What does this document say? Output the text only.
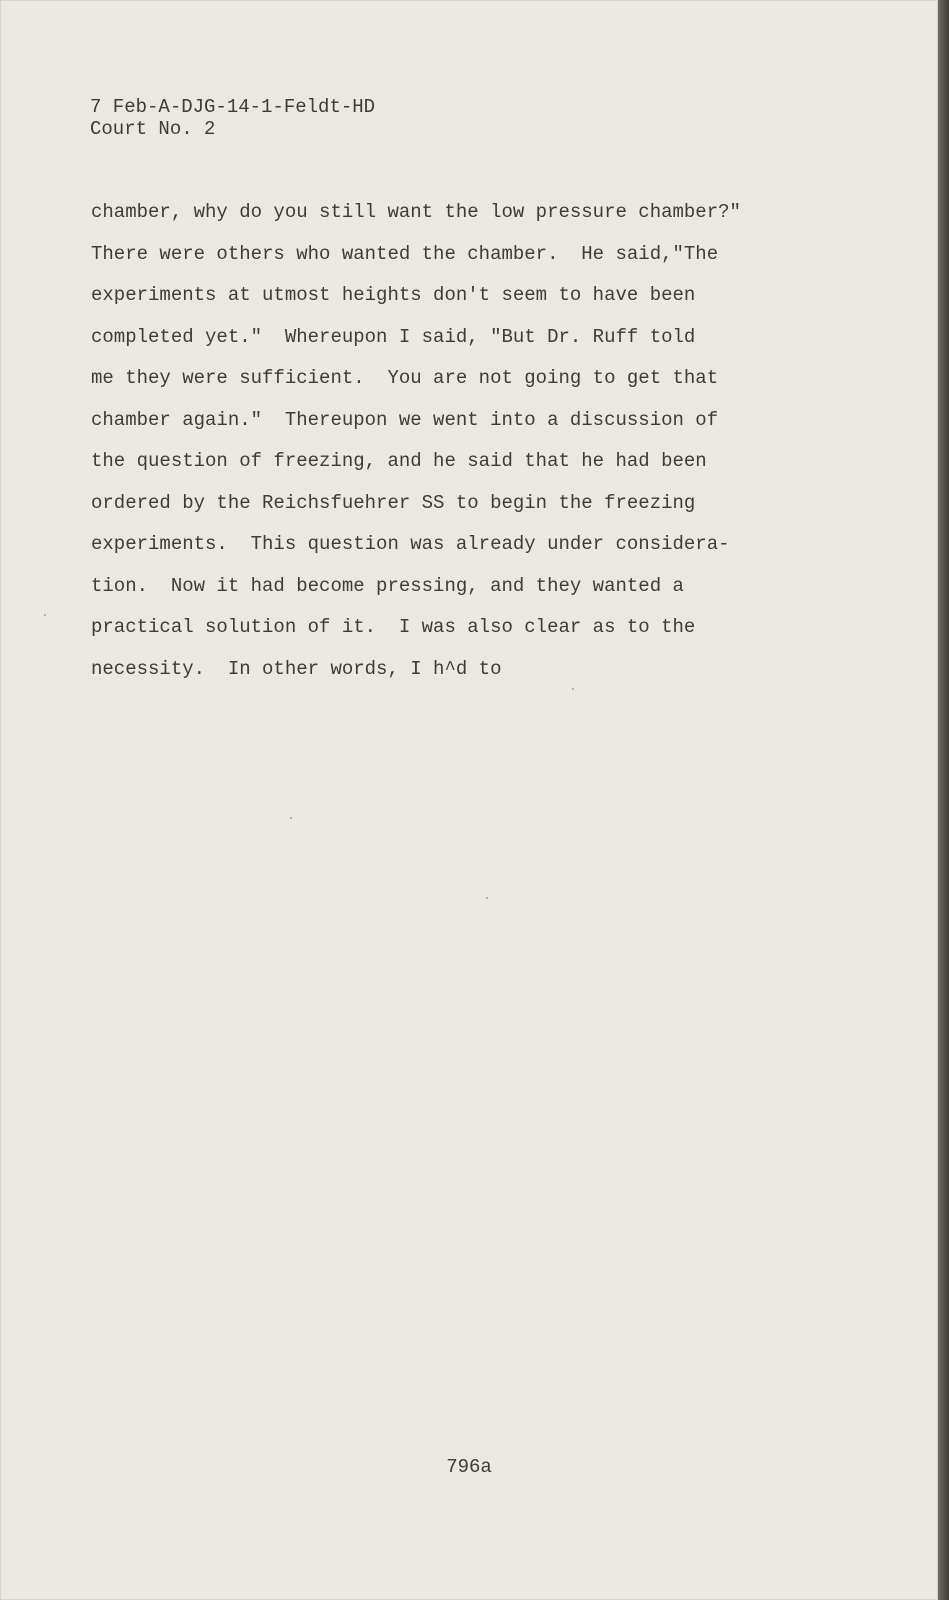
7 Feb-A-DJG-14-1-Feldt-HD
Court No. 2
chamber, why do you still want the low pressure chamber?"
There were others who wanted the chamber.  He said,"The
experiments at utmost heights don't seem to have been
completed yet."  Whereupon I said, "But Dr. Ruff told
me they were sufficient.  You are not going to get that
chamber again."  Thereupon we went into a discussion of
the question of freezing, and he said that he had been
ordered by the Reichsfuehrer SS to begin the freezing
experiments.  This question was already under considera-
tion.  Now it had become pressing, and they wanted a
practical solution of it.  I was also clear as to the
necessity.  In other words, I h^d to
796a
